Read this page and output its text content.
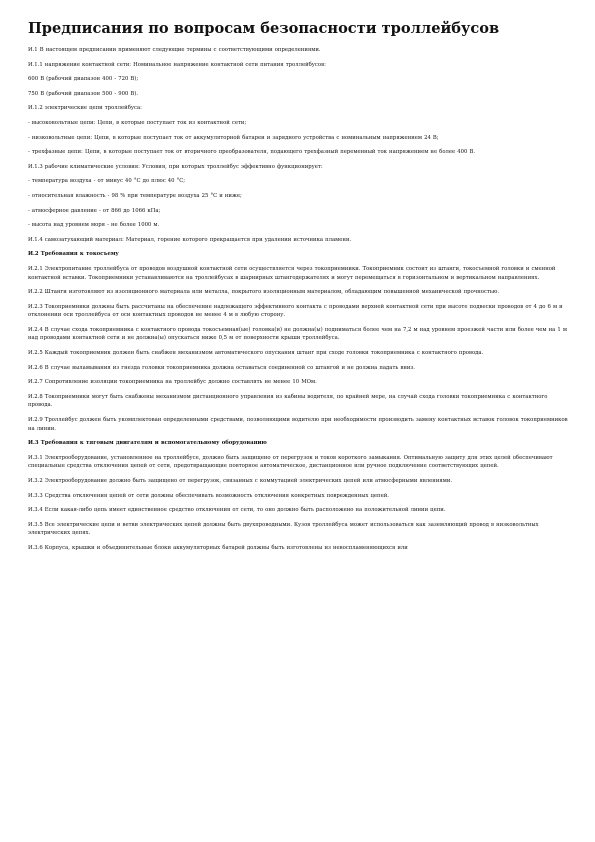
Предписания по вопросам безопасности троллейбусов

И.1 В настоящем предписании применяют следующие термины с соответствующими определениями.

И.1.1 напряжение контактной сети: Номинальное напряжение контактной сети питания троллейбусов:

600 В (рабочий диапазон 400 - 720 В);

750 В (рабочий диапазон 500 - 900 В).

И.1.2 электрические цепи троллейбуса:

- высоковольтные цепи: Цепи, в которые поступает ток из контактной сети;

- низковольтные цепи: Цепи, в которые поступает ток от аккумуляторной батареи и зарядного устройства с номинальным напряжением 24 В;

- трехфазные цепи: Цепи, в которые поступает ток от вторичного преобразователя, подающего трехфазный переменный ток напряжением не более 400 В.

И.1.3 рабочие климатические условия: Условия, при которых троллейбус эффективно функционирует:

- температура воздуха - от минус 40 °С до плюс 40 °С;

- относительная влажность - 98 % при температуре воздуха 25 °С и ниже;

- атмосферное давление - от 866 до 1066 кПа;

- высота над уровнем моря - не более 1000 м.

И.1.4 самозатухающий материал: Материал, горение которого прекращается при удалении источника пламени.

И.2 Требования к токосъему

И.2.1 Электропитание троллейбуса от проводов воздушной контактной сети осуществляется через токоприемники. Токоприемник состоит из штанги, токосъемной головки и сменной контактной вставки. Токоприемники устанавливаются на троллейбусах в шарнирных штангодержателях и могут перемещаться в горизонтальном и вертикальном направлениях.

И.2.2 Штанги изготовляют из изоляционного материала или металла, покрытого изоляционным материалом, обладающим повышенной механической прочностью.

И.2.3 Токоприемники должны быть рассчитаны на обеспечение надлежащего эффективного контакта с проводами верхней контактной сети при высоте подвески проводов от 4 до 6 м и отклонении оси троллейбуса от оси контактных проводов не менее 4 м в любую сторону.

И.2.4 В случае схода токоприемника с контактного провода токосъемная(ые) головка(и) не должна(ы) подниматься более чем на 7,2 м над уровнем проезжей части или более чем на 1 м над проводами контактной сети и не должна(ы) опускаться ниже 0,5 м от поверхности крыши троллейбуса.

И.2.5 Каждый токоприемник должен быть снабжен механизмом автоматического опускания штанг при сходе головки токоприемника с контактного провода.

И.2.6 В случае выламывания из гнезда головки токоприемника должна оставаться соединенной со штангой и не должна падать вниз.

И.2.7 Сопротивление изоляции токоприемника на троллейбус должно составлять не менее 10 МОм.

И.2.8 Токоприемники могут быть снабжены механизмом дистанционного управления из кабины водителя, по крайней мере, на случай схода головки токоприемника с контактного провода.

И.2.9 Троллейбус должен быть укомплектован определенными средствами, позволяющими водителю при необходимости производить замену контактных вставок головок токоприемников на линии.

И.3 Требования к тяговым двигателям и вспомогательному оборудованию

И.3.1 Электрооборудование, установленное на троллейбусе, должно быть защищено от перегрузок и токов короткого замыкания. Оптимальную защиту для этих целей обеспечивают специальные средства отключения цепей от сети, предотвращающие повторное автоматическое, дистанционное или ручное подключение соответствующих цепей.

И.3.2 Электрооборудование должно быть защищено от перегрузок, связанных с коммутацией электрических цепей или атмосферными явлениями.

И.3.3 Средства отключения цепей от сети должны обеспечивать возможность отключения конкретных поврежденных цепей.

И.3.4 Если какая-либо цепь имеет единственное средство отключения от сети, то оно должно быть расположено на положительной линии цепи.

И.3.5 Все электрические цепи и ветви электрических цепей должны быть двухпроводными. Кузов троллейбуса может использоваться как заземляющий провод в низковольтных электрических цепях.

И.3.6 Корпуса, крышки и объединительные блоки аккумуляторных батарей должны быть изготовлены из невоспламеняющихся или
